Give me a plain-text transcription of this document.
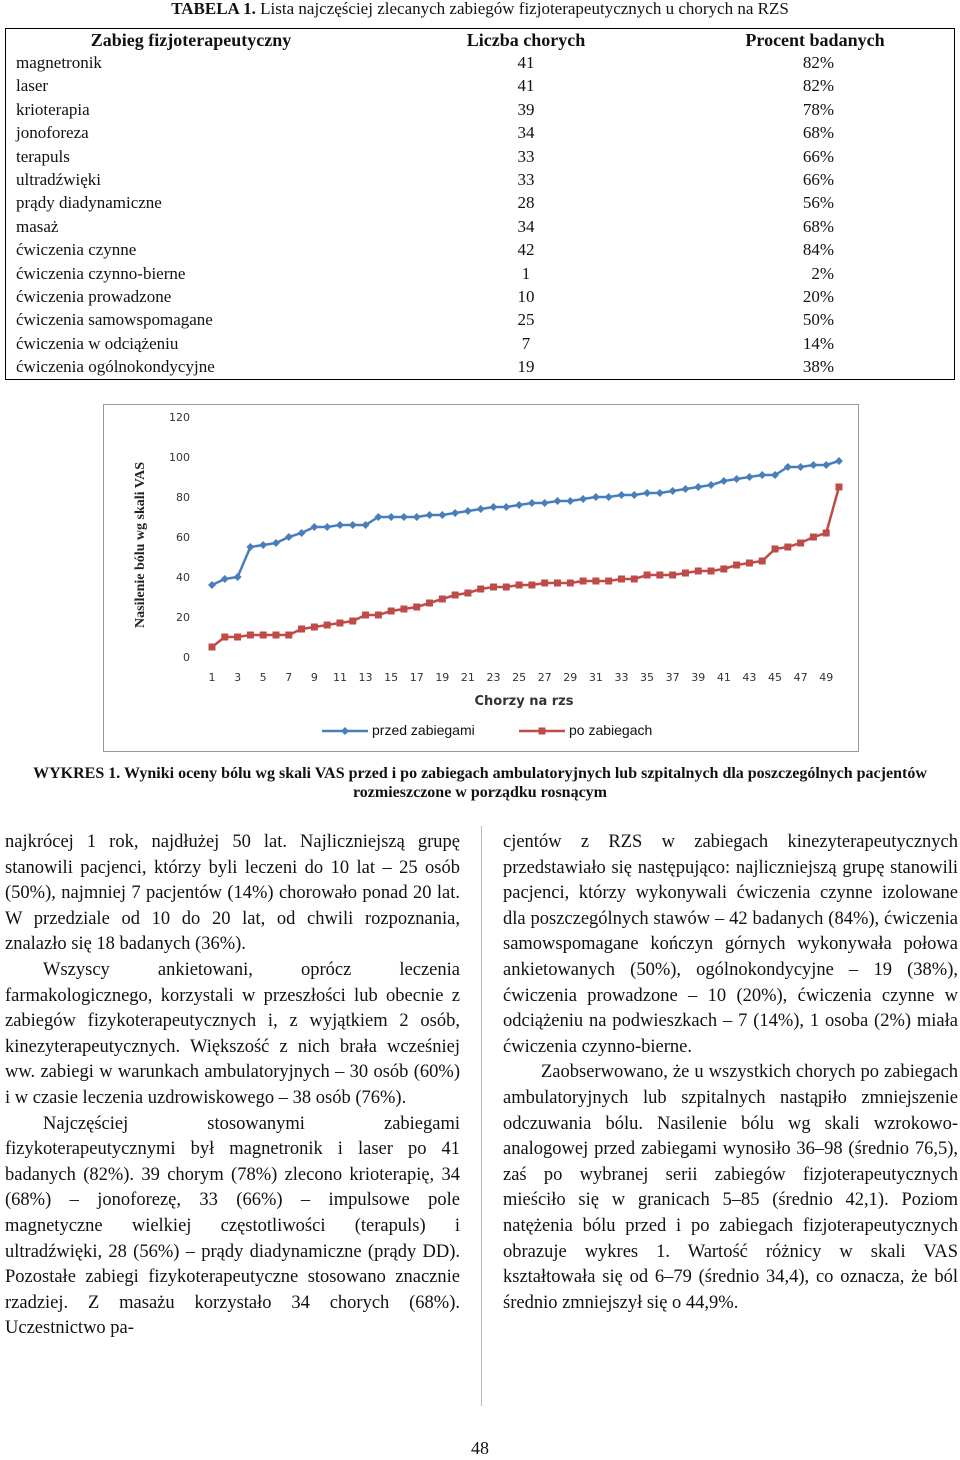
TABELA 1. Lista najczęściej zlecanych zabiegów fizjoterapeutycznych u chorych na RZS
Zabieg fizjoterapeutyczny	Liczba chorych	Procent badanych
magnetronik	41	82%
laser	41	82%
krioterapia	39	78%
jonoforeza	34	68%
terapuls	33	66%
ultradźwięki	33	66%
prądy diadynamiczne	28	56%
masaż	34	68%
ćwiczenia czynne	42	84%
ćwiczenia czynno-bierne	1	2%
ćwiczenia prowadzone	10	20%
ćwiczenia samowspomagane	25	50%
ćwiczenia w odciążeniu	7	14%
ćwiczenia ogólnokondycyjne	19	38%
0
20
40
60
80
100
120
1 3 5 7 9 11 13 15 17 19 21 23 25 27 29 31 33 35 37 39 41 43 45 47 49
Chorzy na rzs
Nasilenie bólu wg skali VAS
przed zabiegami	po zabiegach
WYKRES 1. Wyniki oceny bólu wg skali VAS przed i po zabiegach ambulatoryjnych lub szpitalnych dla poszczególnych pacjentów rozmieszczone w porządku rosnącym

najkrócej 1 rok, najdłużej 50 lat. Najliczniejszą grupę stanowili pacjenci, którzy byli leczeni do 10 lat – 25 osób (50%), najmniej 7 pacjentów (14%) chorowało ponad 20 lat. W przedziale od 10 do 20 lat, od chwili rozpoznania, znalazło się 18 badanych (36%).

Wszyscy ankietowani, oprócz leczenia farmakologicznego, korzystali w przeszłości lub obecnie z zabiegów fizykoterapeutycznych i, z wyjątkiem 2 osób, kinezyterapeutycznych. Większość z nich brała wcześniej ww. zabiegi w warunkach ambulatoryjnych – 30 osób (60%) i w czasie leczenia uzdrowiskowego – 38 osób (76%).

Najczęściej stosowanymi zabiegami fizykoterapeutycznymi był magnetronik i laser po 41 badanych (82%). 39 chorym (78%) zlecono krioterapię, 34 (68%) – jonoforezę, 33 (66%) – impulsowe pole magnetyczne wielkiej częstotliwości (terapuls) i ultradźwięki, 28 (56%) – prądy diadynamiczne (prądy DD). Pozostałe zabiegi fizykoterapeutyczne stosowano znacznie rzadziej. Z masażu korzystało 34 chorych (68%). Uczestnictwo pa-

cjentów z RZS w zabiegach kinezyterapeutycznych przedstawiało się następująco: najliczniejszą grupę stanowili pacjenci, którzy wykonywali ćwiczenia czynne izolowane dla poszczególnych stawów – 42 badanych (84%), ćwiczenia samowspomagane kończyn górnych wykonywała połowa ankietowanych (50%), ogólnokondycyjne – 19 (38%), ćwiczenia prowadzone – 10 (20%), ćwiczenia czynne w odciążeniu na podwieszkach – 7 (14%), 1 osoba (2%) miała ćwiczenia czynno-bierne.

Zaobserwowano, że u wszystkich chorych po zabiegach ambulatoryjnych lub szpitalnych nastąpiło zmniejszenie odczuwania bólu. Nasilenie bólu wg skali wzrokowo-analogowej przed zabiegami wynosiło 36–98 (średnio 76,5), zaś po wybranej serii zabiegów fizjoterapeutycznych mieściło się w granicach 5–85 (średnio 42,1). Poziom natężenia bólu przed i po zabiegach fizjoterapeutycznych obrazuje wykres 1. Wartość różnicy w skali VAS kształtowała się od 6–79 (średnio 34,4), co oznacza, że ból średnio zmniejszył się o 44,9%.

48
